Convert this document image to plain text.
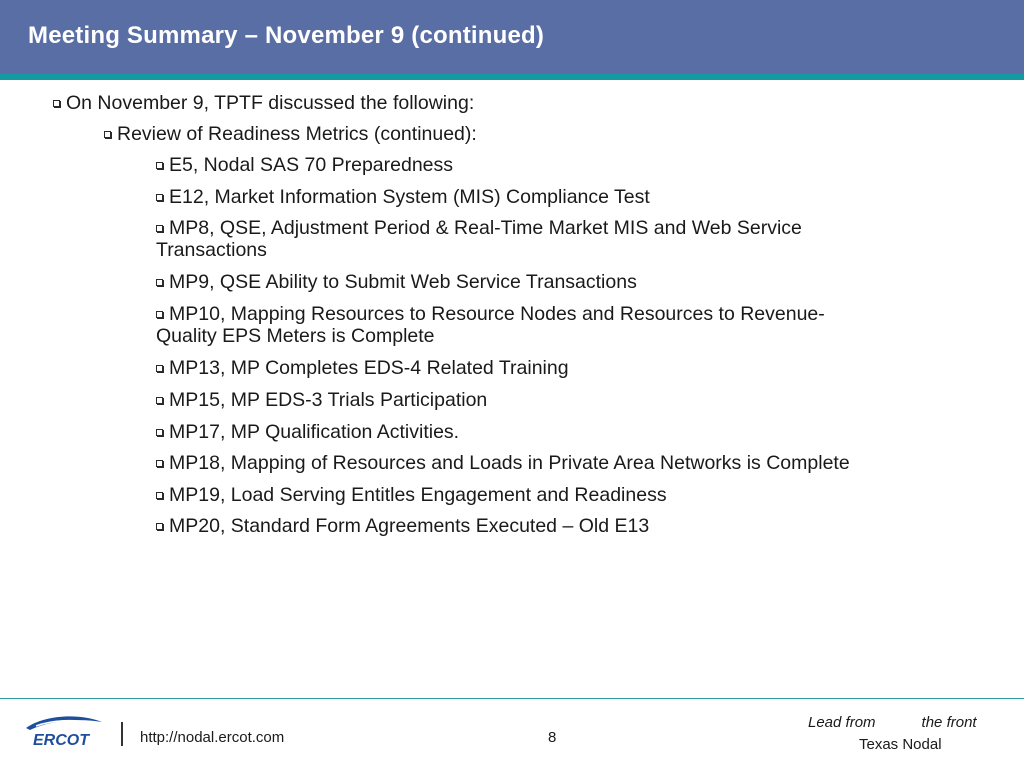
Meeting Summary – November 9 (continued)
On November 9, TPTF discussed the following:
Review of Readiness Metrics (continued):
E5, Nodal SAS 70 Preparedness
E12, Market Information System (MIS) Compliance Test
MP8, QSE, Adjustment Period & Real-Time Market MIS and Web Service
Transactions
MP9, QSE Ability to Submit Web Service Transactions
MP10, Mapping Resources to Resource Nodes and Resources to Revenue-
Quality EPS Meters is Complete
MP13, MP Completes EDS-4 Related Training
MP15, MP EDS-3 Trials Participation
MP17, MP Qualification Activities.
MP18, Mapping of Resources and Loads in Private Area Networks is Complete
MP19, Load Serving Entitles Engagement and Readiness
MP20, Standard Form Agreements Executed – Old E13
ERCOT	http://nodal.ercot.com	8
Lead from	the front
Texas Nodal
